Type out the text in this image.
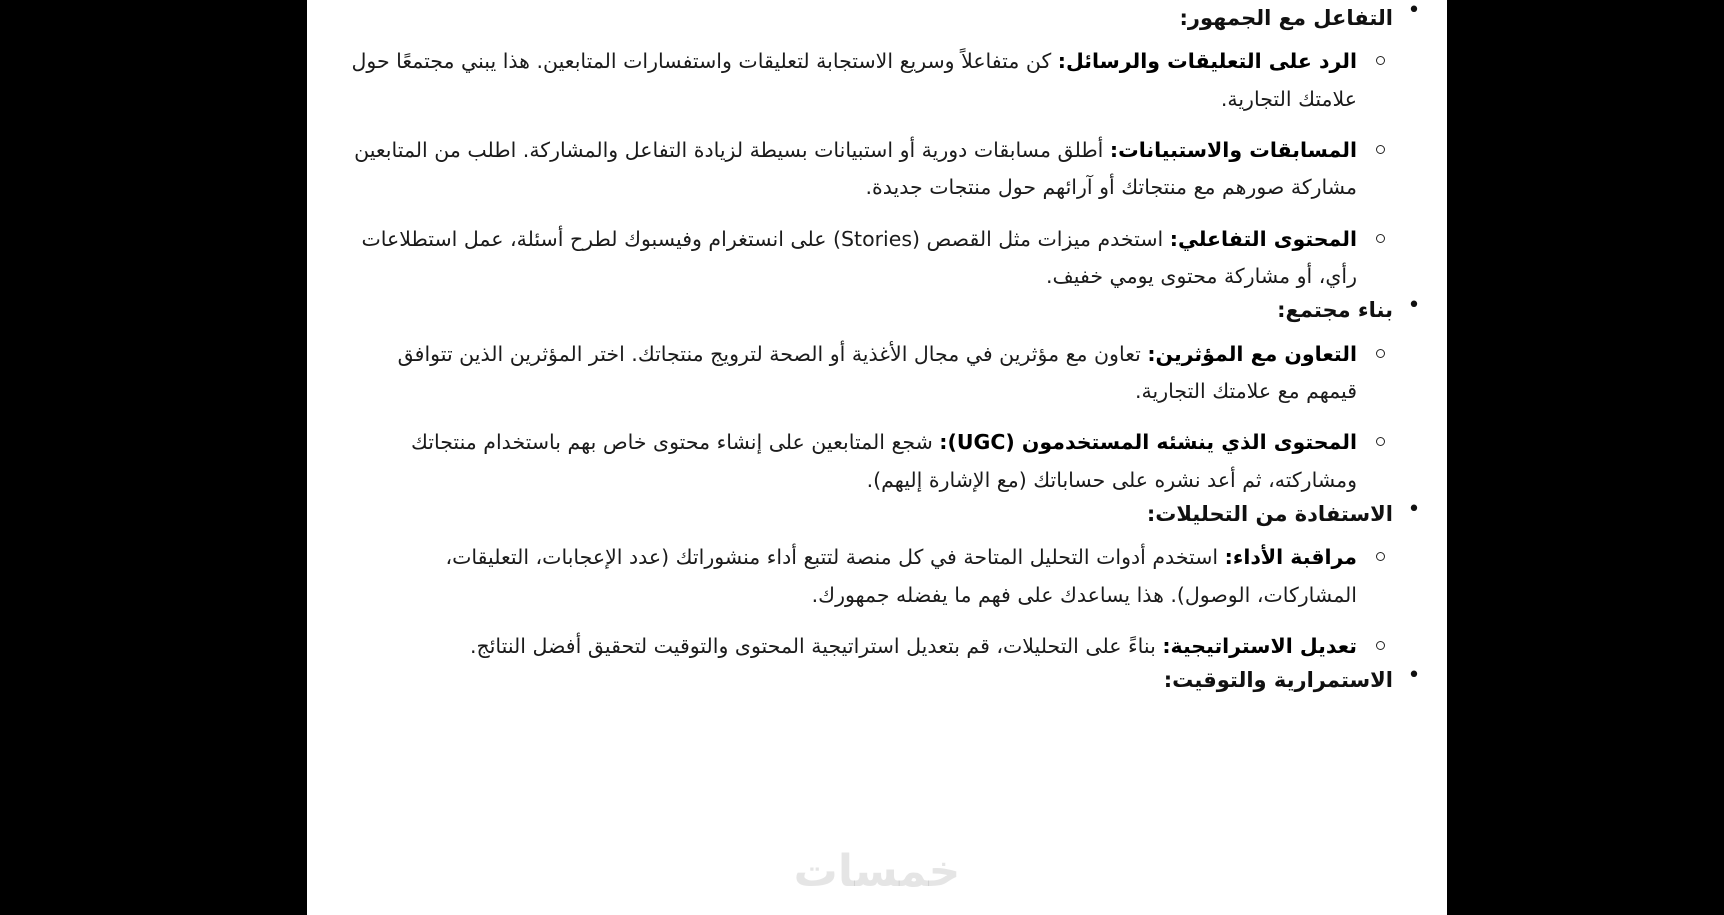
•
التفاعل مع الجمهور:
الرد على التعليقات والرسائل: كن متفاعلاً وسريع الاستجابة لتعليقات واستفسارات المتابعين. هذا يبني مجتمعًا حول علامتك التجارية.
المسابقات والاستبيانات: أطلق مسابقات دورية أو استبيانات بسيطة لزيادة التفاعل والمشاركة. اطلب من المتابعين مشاركة صورهم مع منتجاتك أو آرائهم حول منتجات جديدة.
المحتوى التفاعلي: استخدم ميزات مثل القصص (Stories) على انستغرام وفيسبوك لطرح أسئلة، عمل استطلاعات رأي، أو مشاركة محتوى يومي خفيف.
•
بناء مجتمع:
التعاون مع المؤثرين: تعاون مع مؤثرين في مجال الأغذية أو الصحة لترويج منتجاتك. اختر المؤثرين الذين تتوافق قيمهم مع علامتك التجارية.
المحتوى الذي ينشئه المستخدمون (UGC): شجع المتابعين على إنشاء محتوى خاص بهم باستخدام منتجاتك ومشاركته، ثم أعد نشره على حساباتك (مع الإشارة إليهم).
•
الاستفادة من التحليلات:
مراقبة الأداء: استخدم أدوات التحليل المتاحة في كل منصة لتتبع أداء منشوراتك (عدد الإعجابات، التعليقات، المشاركات، الوصول). هذا يساعدك على فهم ما يفضله جمهورك.
تعديل الاستراتيجية: بناءً على التحليلات، قم بتعديل استراتيجية المحتوى والتوقيت لتحقيق أفضل النتائج.
•
الاستمرارية والتوقيت:
خمسات
